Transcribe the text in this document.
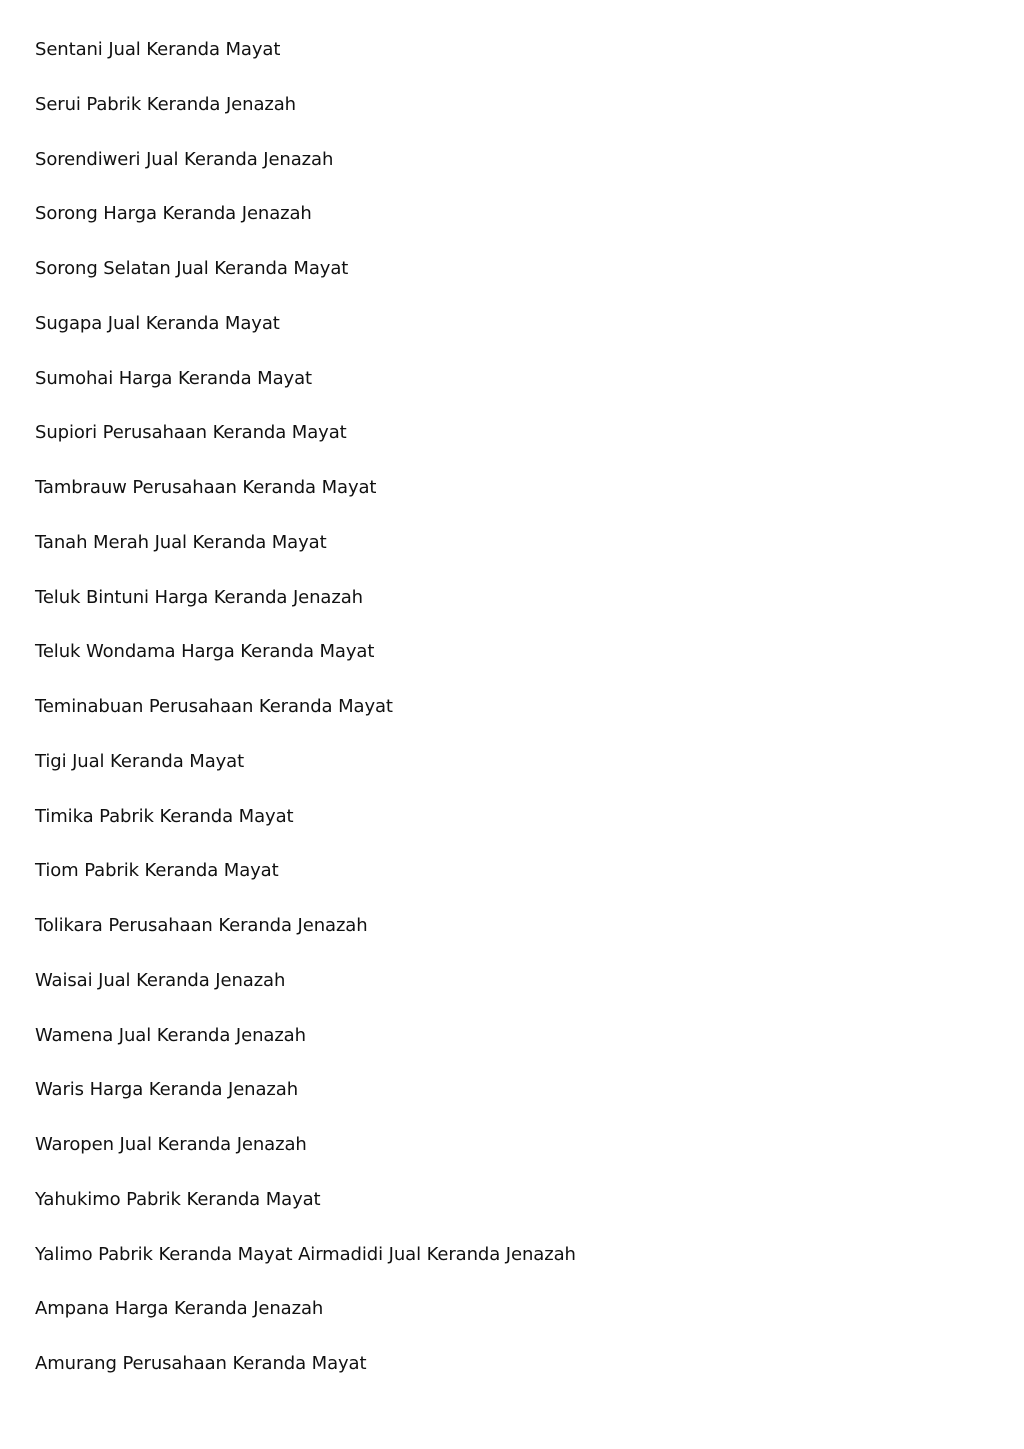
Sentani Jual Keranda Mayat
Serui Pabrik Keranda Jenazah
Sorendiweri Jual Keranda Jenazah
Sorong Harga Keranda Jenazah
Sorong Selatan Jual Keranda Mayat
Sugapa Jual Keranda Mayat
Sumohai Harga Keranda Mayat
Supiori Perusahaan Keranda Mayat
Tambrauw Perusahaan Keranda Mayat
Tanah Merah Jual Keranda Mayat
Teluk Bintuni Harga Keranda Jenazah
Teluk Wondama Harga Keranda Mayat
Teminabuan Perusahaan Keranda Mayat
Tigi Jual Keranda Mayat
Timika Pabrik Keranda Mayat
Tiom Pabrik Keranda Mayat
Tolikara Perusahaan Keranda Jenazah
Waisai Jual Keranda Jenazah
Wamena Jual Keranda Jenazah
Waris Harga Keranda Jenazah
Waropen Jual Keranda Jenazah
Yahukimo Pabrik Keranda Mayat
Yalimo Pabrik Keranda Mayat Airmadidi Jual Keranda Jenazah
Ampana Harga Keranda Jenazah
Amurang Perusahaan Keranda Mayat
